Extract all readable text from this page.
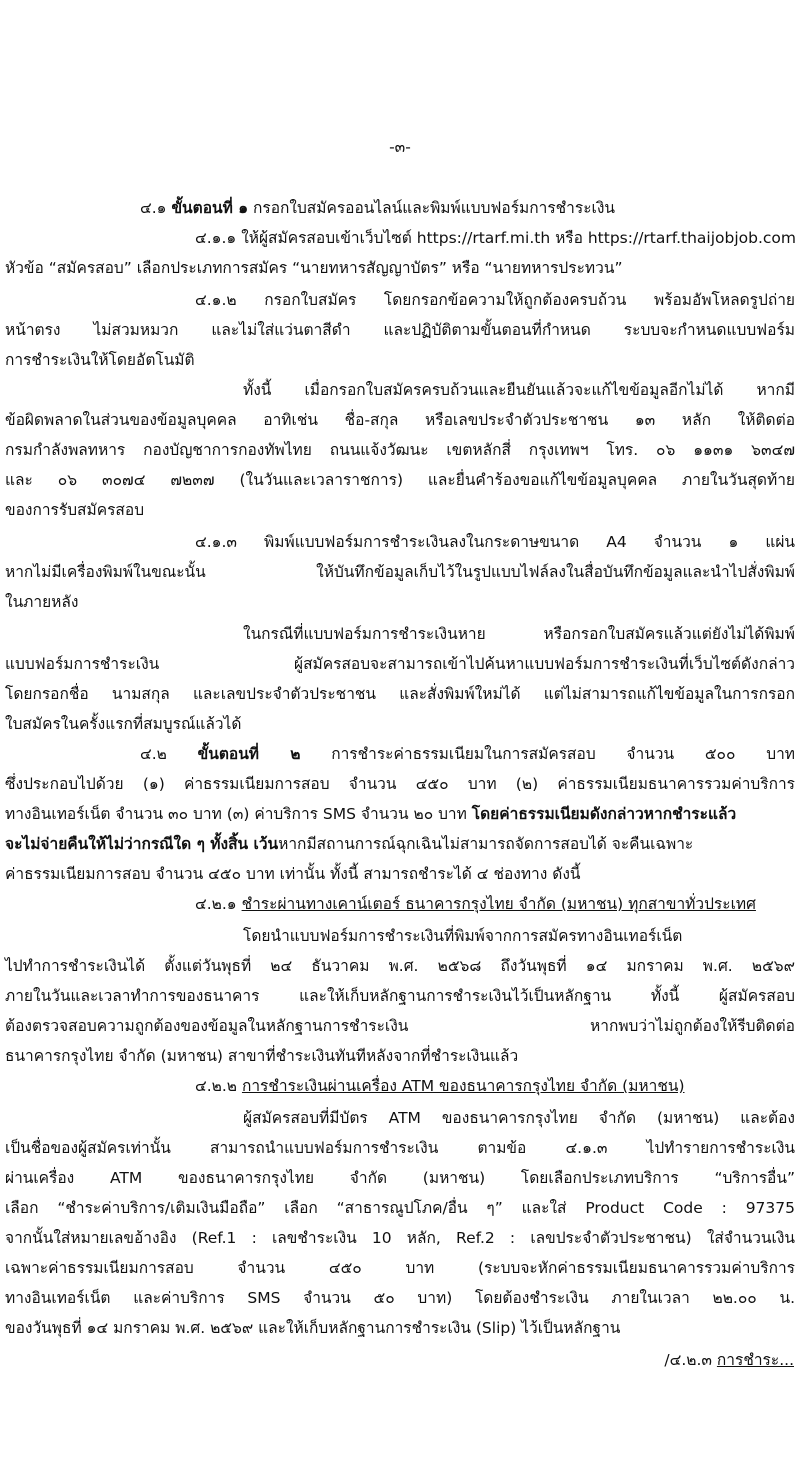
-๓-
๔.๑ ขั้นตอนที่ ๑ กรอกใบสมัครออนไลน์และพิมพ์แบบฟอร์มการชำระเงิน
๔.๑.๑ ให้ผู้สมัครสอบเข้าเว็บไซต์ https://rtarf.mi.th หรือ https://rtarf.thaijobjob.com
หัวข้อ “สมัครสอบ” เลือกประเภทการสมัคร “นายทหารสัญญาบัตร” หรือ “นายทหารประทวน”
๔.๑.๒ กรอกใบสมัคร โดยกรอกข้อความให้ถูกต้องครบถ้วน พร้อมอัพโหลดรูปถ่าย
หน้าตรง ไม่สวมหมวก และไม่ใส่แว่นตาสีดำ และปฏิบัติตามขั้นตอนที่กำหนด ระบบจะกำหนดแบบฟอร์ม
การชำระเงินให้โดยอัตโนมัติ
ทั้งนี้ เมื่อกรอกใบสมัครครบถ้วนและยืนยันแล้วจะแก้ไขข้อมูลอีกไม่ได้ หากมี
ข้อผิดพลาดในส่วนของข้อมูลบุคคล อาทิเช่น ชื่อ-สกุล หรือเลขประจำตัวประชาชน ๑๓ หลัก ให้ติดต่อ
กรมกำลังพลทหาร กองบัญชาการกองทัพไทย ถนนแจ้งวัฒนะ เขตหลักสี่ กรุงเทพฯ โทร. ๐๖ ๑๑๓๑ ๖๓๔๗
และ ๐๖ ๓๐๗๔ ๗๒๓๗ (ในวันและเวลาราชการ) และยื่นคำร้องขอแก้ไขข้อมูลบุคคล ภายในวันสุดท้าย
ของการรับสมัครสอบ
๔.๑.๓ พิมพ์แบบฟอร์มการชำระเงินลงในกระดาษขนาด A4 จำนวน ๑ แผ่น
หากไม่มีเครื่องพิมพ์ในขณะนั้น ให้บันทึกข้อมูลเก็บไว้ในรูปแบบไฟล์ลงในสื่อบันทึกข้อมูลและนำไปสั่งพิมพ์
ในภายหลัง
ในกรณีที่แบบฟอร์มการชำระเงินหาย หรือกรอกใบสมัครแล้วแต่ยังไม่ได้พิมพ์
แบบฟอร์มการชำระเงิน ผู้สมัครสอบจะสามารถเข้าไปค้นหาแบบฟอร์มการชำระเงินที่เว็บไซต์ดังกล่าว
โดยกรอกชื่อ นามสกุล และเลขประจำตัวประชาชน และสั่งพิมพ์ใหม่ได้ แต่ไม่สามารถแก้ไขข้อมูลในการกรอก
ใบสมัครในครั้งแรกที่สมบูรณ์แล้วได้
๔.๒ ขั้นตอนที่ ๒ การชำระค่าธรรมเนียมในการสมัครสอบ จำนวน ๕๐๐ บาท
ซึ่งประกอบไปด้วย (๑) ค่าธรรมเนียมการสอบ จำนวน ๔๕๐ บาท (๒) ค่าธรรมเนียมธนาคารรวมค่าบริการ
ทางอินเทอร์เน็ต จำนวน ๓๐ บาท (๓) ค่าบริการ SMS จำนวน ๒๐ บาท โดยค่าธรรมเนียมดังกล่าวหากชำระแล้ว
จะไม่จ่ายคืนให้ไม่ว่ากรณีใด ๆ ทั้งสิ้น เว้นหากมีสถานการณ์ฉุกเฉินไม่สามารถจัดการสอบได้ จะคืนเฉพาะ
ค่าธรรมเนียมการสอบ จำนวน ๔๕๐ บาท เท่านั้น ทั้งนี้ สามารถชำระได้ ๔ ช่องทาง ดังนี้
๔.๒.๑ ชำระผ่านทางเคาน์เตอร์ ธนาคารกรุงไทย จำกัด (มหาชน) ทุกสาขาทั่วประเทศ
โดยนำแบบฟอร์มการชำระเงินที่พิมพ์จากการสมัครทางอินเทอร์เน็ต
ไปทำการชำระเงินได้ ตั้งแต่วันพุธที่ ๒๔ ธันวาคม พ.ศ. ๒๕๖๘ ถึงวันพุธที่ ๑๔ มกราคม พ.ศ. ๒๕๖๙
ภายในวันและเวลาทำการของธนาคาร และให้เก็บหลักฐานการชำระเงินไว้เป็นหลักฐาน ทั้งนี้ ผู้สมัครสอบ
ต้องตรวจสอบความถูกต้องของข้อมูลในหลักฐานการชำระเงิน หากพบว่าไม่ถูกต้องให้รีบติดต่อ
ธนาคารกรุงไทย จำกัด (มหาชน) สาขาที่ชำระเงินทันทีหลังจากที่ชำระเงินแล้ว
๔.๒.๒ การชำระเงินผ่านเครื่อง ATM ของธนาคารกรุงไทย จำกัด (มหาชน)
ผู้สมัครสอบที่มีบัตร ATM ของธนาคารกรุงไทย จำกัด (มหาชน) และต้อง
เป็นชื่อของผู้สมัครเท่านั้น สามารถนำแบบฟอร์มการชำระเงิน ตามข้อ ๔.๑.๓ ไปทำรายการชำระเงิน
ผ่านเครื่อง ATM ของธนาคารกรุงไทย จำกัด (มหาชน) โดยเลือกประเภทบริการ “บริการอื่น”
เลือก “ชำระค่าบริการ/เติมเงินมือถือ” เลือก “สาธารณูปโภค/อื่น ๆ” และใส่ Product Code : 97375
จากนั้นใส่หมายเลขอ้างอิง (Ref.1 : เลขชำระเงิน 10 หลัก, Ref.2 : เลขประจำตัวประชาชน) ใส่จำนวนเงิน
เฉพาะค่าธรรมเนียมการสอบ จำนวน ๔๕๐ บาท (ระบบจะหักค่าธรรมเนียมธนาคารรวมค่าบริการ
ทางอินเทอร์เน็ต และค่าบริการ SMS จำนวน ๕๐ บาท) โดยต้องชำระเงิน ภายในเวลา ๒๒.๐๐ น.
ของวันพุธที่ ๑๔ มกราคม พ.ศ. ๒๕๖๙ และให้เก็บหลักฐานการชำระเงิน (Slip) ไว้เป็นหลักฐาน
/๔.๒.๓ การชำระ...
